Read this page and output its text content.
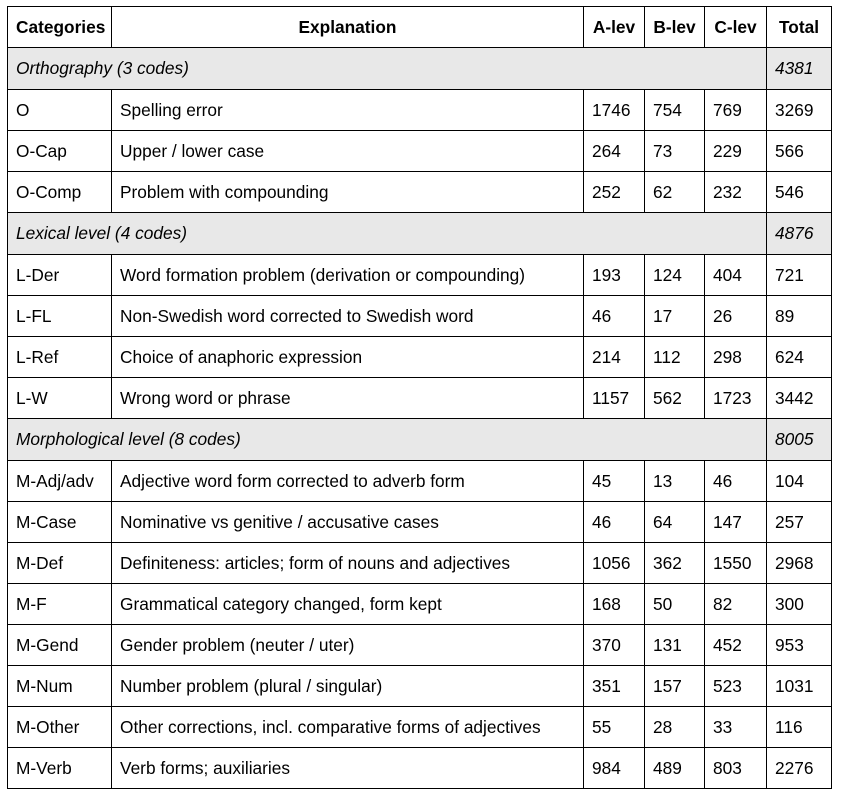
Categories	Explanation	A-lev	B-lev	C-lev	Total
Orthography (3 codes)					4381
O	Spelling error	1746	754	769	3269
O-Cap	Upper / lower case	264	73	229	566
O-Comp	Problem with compounding	252	62	232	546
Lexical level (4 codes)					4876
L-Der	Word formation problem (derivation or compounding)	193	124	404	721
L-FL	Non-Swedish word corrected to Swedish word	46	17	26	89
L-Ref	Choice of anaphoric expression	214	112	298	624
L-W	Wrong word or phrase	1157	562	1723	3442
Morphological level (8 codes)					8005
M-Adj/adv	Adjective word form corrected to adverb form	45	13	46	104
M-Case	Nominative vs genitive / accusative cases	46	64	147	257
M-Def	Definiteness: articles; form of nouns and adjectives	1056	362	1550	2968
M-F	Grammatical category changed, form kept	168	50	82	300
M-Gend	Gender problem (neuter / uter)	370	131	452	953
M-Num	Number problem (plural / singular)	351	157	523	1031
M-Other	Other corrections, incl. comparative forms of adjectives	55	28	33	116
M-Verb	Verb forms; auxiliaries	984	489	803	2276
